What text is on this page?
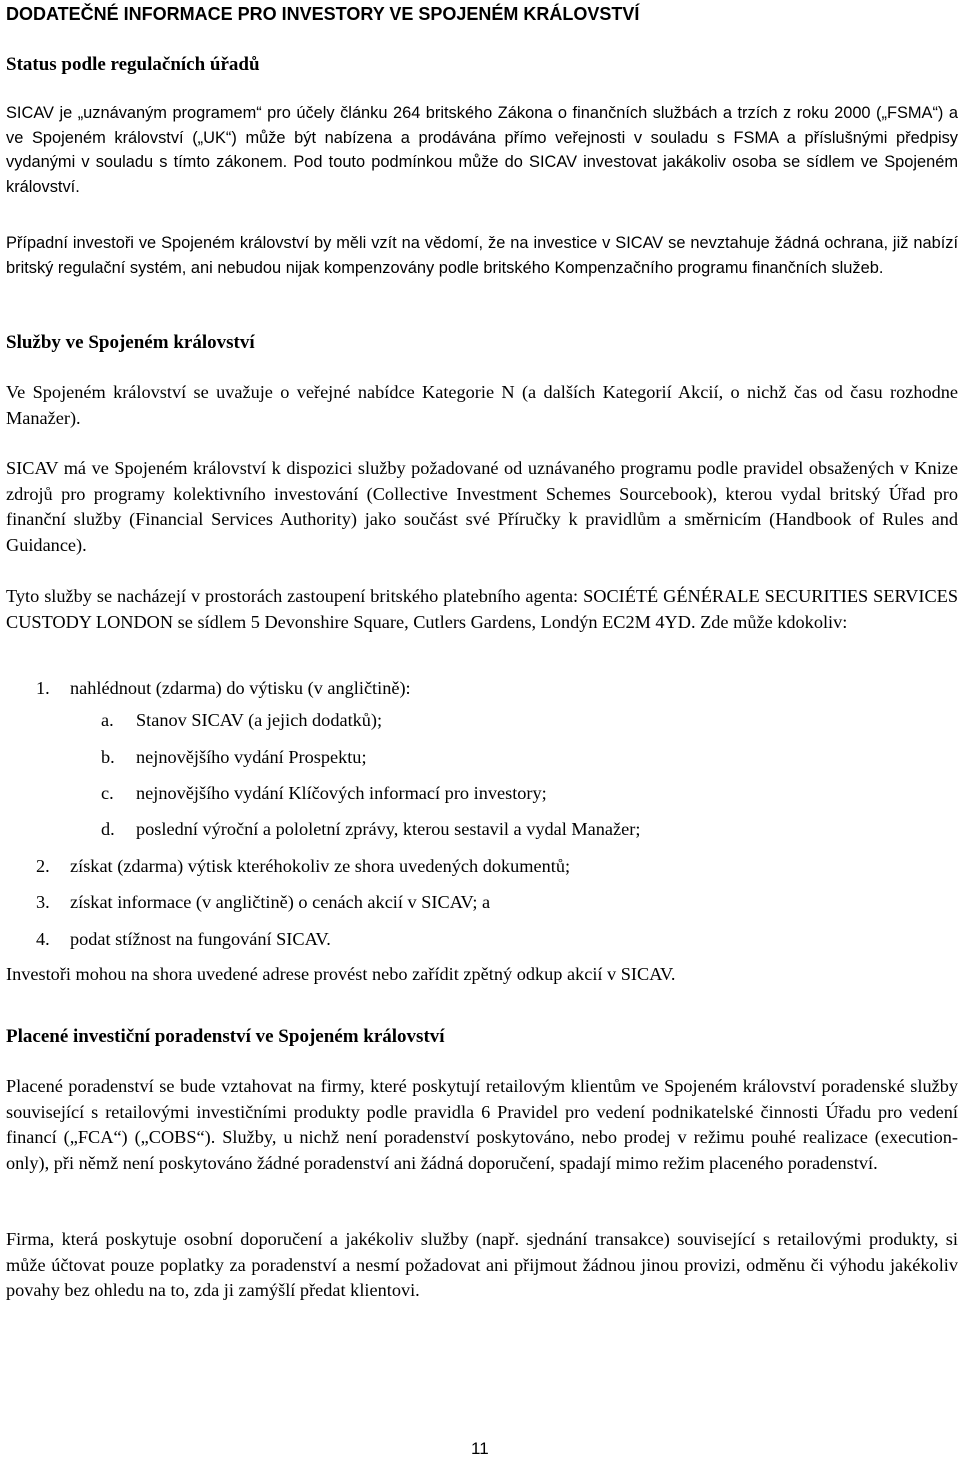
DODATEČNÉ INFORMACE PRO INVESTORY VE SPOJENÉM KRÁLOVSTVÍ
Status podle regulačních úřadů

SICAV je „uznávaným programem“ pro účely článku 264 britského Zákona o finančních službách a trzích z roku 2000 („FSMA“) a ve Spojeném království („UK“) může být nabízena a prodávána přímo veřejnosti v souladu s FSMA a příslušnými předpisy vydanými v souladu s tímto zákonem. Pod touto podmínkou může do SICAV investovat jakákoliv osoba se sídlem ve Spojeném království.

Případní investoři ve Spojeném království by měli vzít na vědomí, že na investice v SICAV se nevztahuje žádná ochrana, již nabízí britský regulační systém, ani nebudou nijak kompenzovány podle britského Kompenzačního programu finančních služeb.

Služby ve Spojeném království

Ve Spojeném království se uvažuje o veřejné nabídce Kategorie N (a dalších Kategorií Akcií, o nichž čas od času rozhodne Manažer).

SICAV má ve Spojeném království k dispozici služby požadované od uznávaného programu podle pravidel obsažených v Knize zdrojů pro programy kolektivního investování (Collective Investment Schemes Sourcebook), kterou vydal britský Úřad pro finanční služby (Financial Services Authority) jako součást své Příručky k pravidlům a směrnicím (Handbook of Rules and Guidance).

Tyto služby se nacházejí v prostorách zastoupení britského platebního agenta: SOCIÉTÉ GÉNÉRALE SECURITIES SERVICES CUSTODY LONDON se sídlem 5 Devonshire Square, Cutlers Gardens, Londýn EC2M 4YD. Zde může kdokoliv:

1. nahlédnout (zdarma) do výtisku (v angličtině):
a. Stanov SICAV (a jejich dodatků);
b. nejnovějšího vydání Prospektu;
c. nejnovějšího vydání Klíčových informací pro investory;
d. poslední výroční a pololetní zprávy, kterou sestavil a vydal Manažer;
2. získat (zdarma) výtisk kteréhokoliv ze shora uvedených dokumentů;
3. získat informace (v angličtině) o cenách akcií v SICAV; a
4. podat stížnost na fungování SICAV.

Investoři mohou na shora uvedené adrese provést nebo zařídit zpětný odkup akcií v SICAV.

Placené investiční poradenství ve Spojeném království

Placené poradenství se bude vztahovat na firmy, které poskytují retailovým klientům ve Spojeném království poradenské služby související s retailovými investičními produkty podle pravidla 6 Pravidel pro vedení podnikatelské činnosti Úřadu pro vedení financí („FCA“) („COBS“). Služby, u nichž není poradenství poskytováno, nebo prodej v režimu pouhé realizace (execution-only), při němž není poskytováno žádné poradenství ani žádná doporučení, spadají mimo režim placeného poradenství.

Firma, která poskytuje osobní doporučení a jakékoliv služby (např. sjednání transakce) související s retailovými produkty, si může účtovat pouze poplatky za poradenství a nesmí požadovat ani přijmout žádnou jinou provizi, odměnu či výhodu jakékoliv povahy bez ohledu na to, zda ji zamýšlí předat klientovi.

11
